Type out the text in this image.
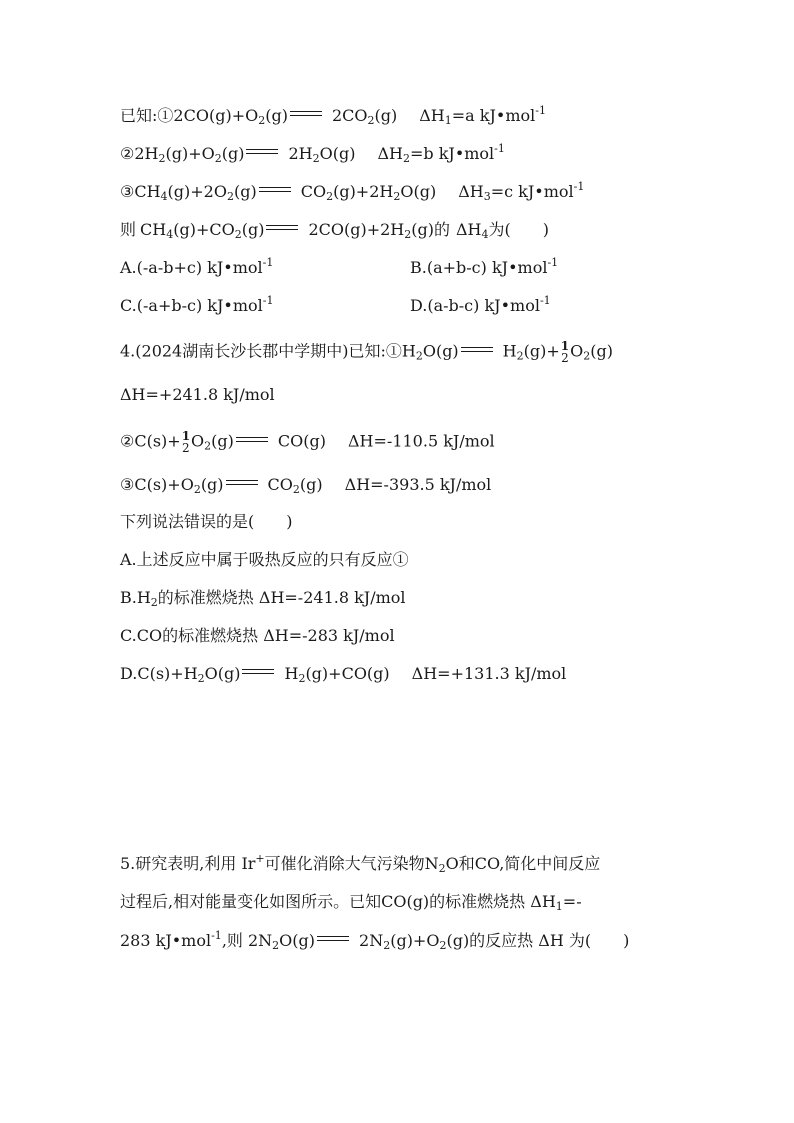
已知$:①2CO(g)+O_2(g)$	$2CO_2(g)$ $\Delta H_1=a$ kJ•mol$^{-1}$
$②2H_2(g)+O_2(g)$	$2H_2O(g)$ $\Delta H_2=b$ kJ•mol$^{-1}$
$③CH_4(g)+2O_2(g)$	$CO_2(g)+2H_2O(g)$ $\Delta H_3=c$ kJ•mol$^{-1}$
则 $CH_4(g)+CO_2(g)$	$2CO(g)+2H_2(g)$的 $\Delta H_4$为(　　)
A.(-a-b+c) kJ•mol$^{-1}$	B.(a+b-c) kJ•mol$^{-1}$
C.(-a+b-c) kJ•mol$^{-1}$	D.(a-b-c) kJ•mol$^{-1}$
4.(2024湖南长沙长郡中学期中)已知$:①H_2O(g)$	$H_2(g)+ 1$
2 $O_2(g)$
ΔH=+241.8 kJ/mol
②C(s)+ 1
2 $O_2(g)$	CO(g) ΔH=-110.5 kJ/mol
$③C(s)+O_2(g)$	$CO_2(g)$ ΔH=-393.5 kJ/mol
下列说法错误的是(　　)
A.上述反应中属于吸热反应的只有反应①
$B.H_2$的标准燃烧热 ΔH=-241.8 kJ/mol
C.CO的标准燃烧热 ΔH=-283 kJ/mol
$D.C(s)+H_2O(g)$	$H_2(g)+CO(g)$ ΔH=+131.3 kJ/mol
5.研究表明,利用 Ir+可催化消除大气污染物$N_2O$和CO,简化中间反应
过程后,相对能量变化如图所示。已知CO(g)的标准燃烧热 $\Delta H_1=-$
283 kJ•mol$^{-1}$,则 $2N_2O(g)$	$2N_2(g)+O_2(g)$的反应热 ΔH 为(　　)
